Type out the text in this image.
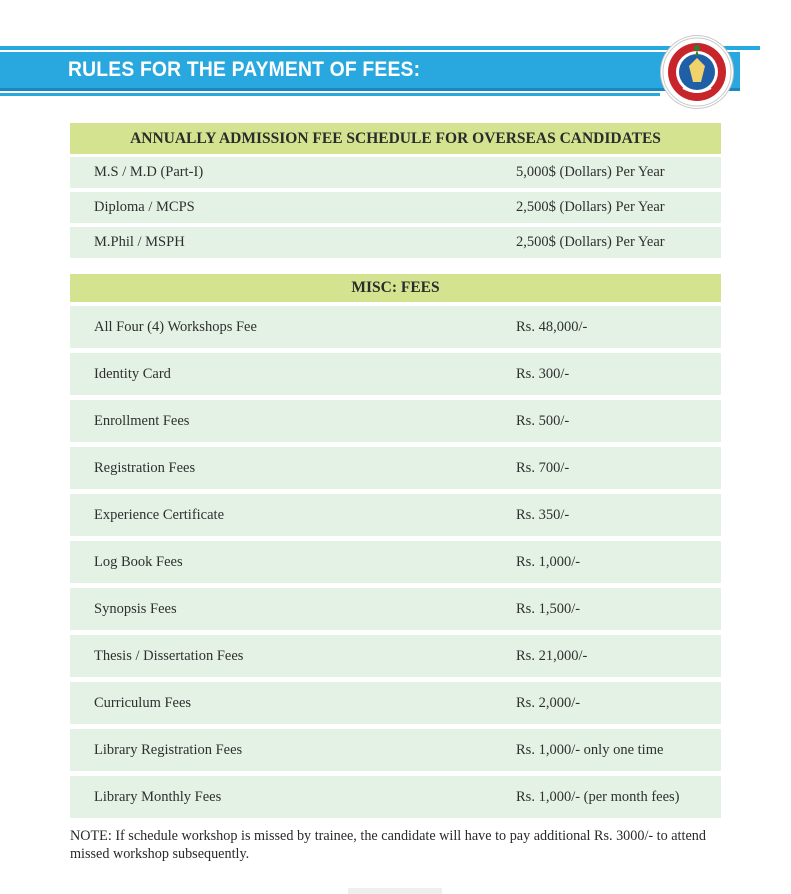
RULES FOR THE PAYMENT OF FEES:
ANNUALLY ADMISSION FEE SCHEDULE FOR OVERSEAS CANDIDATES
M.S / M.D (Part-I)	5,000$ (Dollars) Per Year
Diploma / MCPS	2,500$ (Dollars) Per Year
M.Phil / MSPH	2,500$ (Dollars) Per Year
MISC: FEES
All Four (4) Workshops Fee	Rs. 48,000/-
Identity Card	Rs. 300/-
Enrollment Fees	Rs. 500/-
Registration Fees	Rs. 700/-
Experience Certificate	Rs. 350/-
Log Book Fees	Rs. 1,000/-
Synopsis Fees	Rs. 1,500/-
Thesis / Dissertation Fees	Rs. 21,000/-
Curriculum Fees	Rs. 2,000/-
Library Registration Fees	Rs. 1,000/- only one time
Library Monthly Fees	Rs. 1,000/- (per month fees)
NOTE: If schedule workshop is missed by trainee, the candidate will have to pay additional Rs. 3000/- to attend missed workshop subsequently.
